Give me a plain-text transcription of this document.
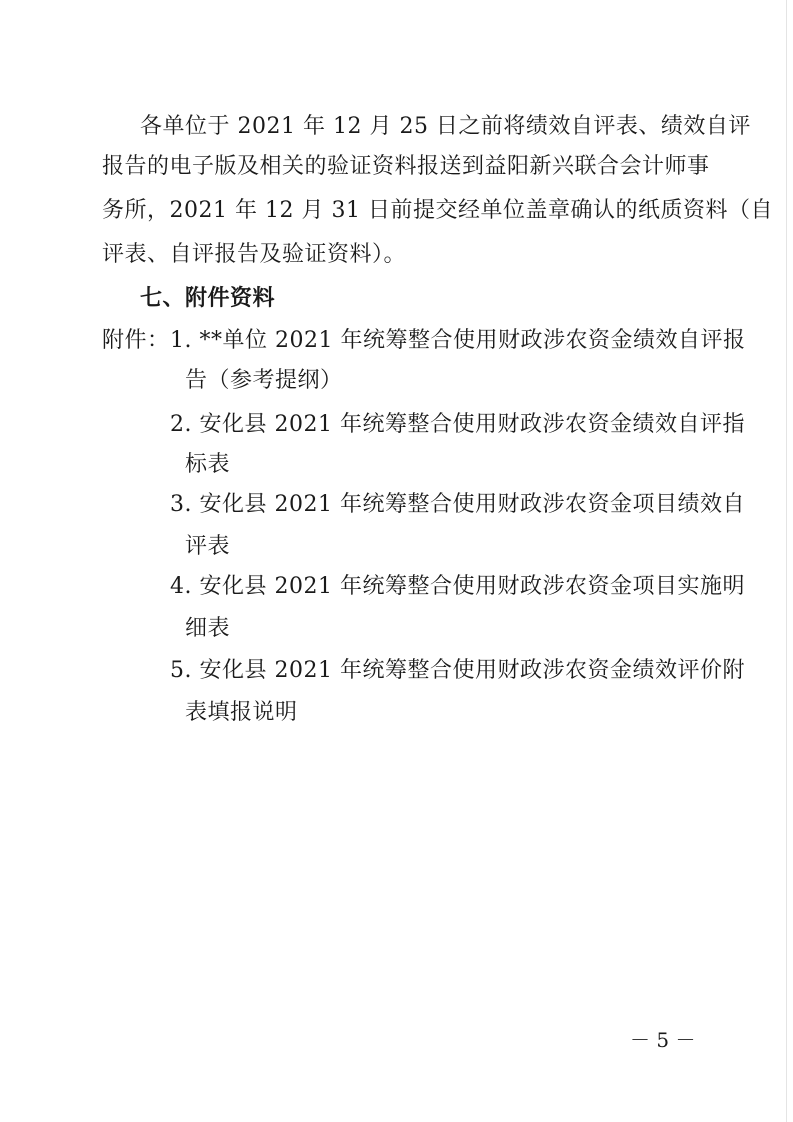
各单位于 2021 年 12 月 25 日之前将绩效自评表、绩效自评
报告的电子版及相关的验证资料报送到益阳新兴联合会计师事
务所，2021 年 12 月 31 日前提交经单位盖章确认的纸质资料（自
评表、自评报告及验证资料）。
七、附件资料
附件： 1. **单位 2021 年统筹整合使用财政涉农资金绩效自评报
告（参考提纲）
2. 安化县 2021 年统筹整合使用财政涉农资金绩效自评指
标表
3. 安化县 2021 年统筹整合使用财政涉农资金项目绩效自
评表
4. 安化县 2021 年统筹整合使用财政涉农资金项目实施明
细表
5. 安化县 2021 年统筹整合使用财政涉农资金绩效评价附
表填报说明
－ 5 －
